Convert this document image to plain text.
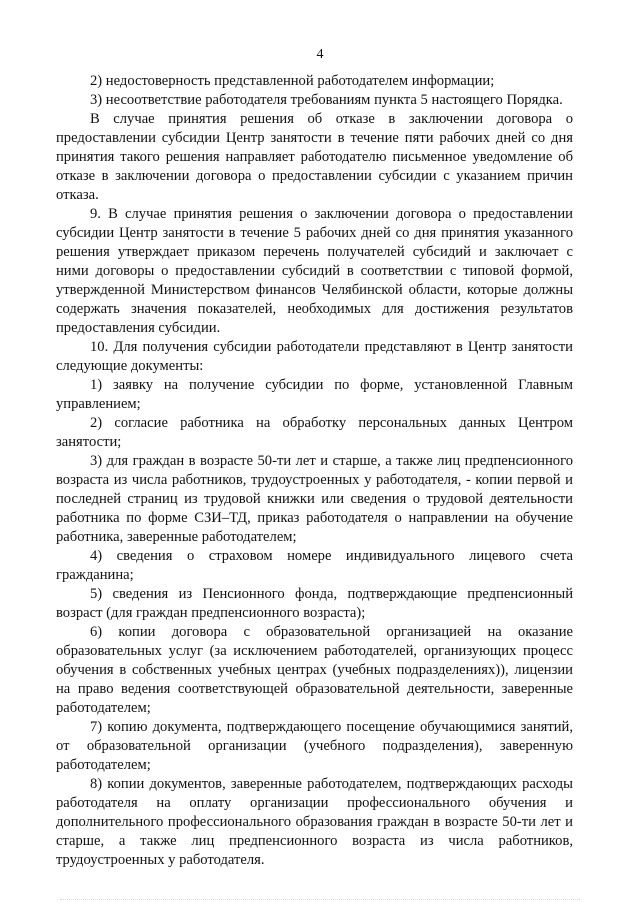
4

2) недостоверность представленной работодателем информации;

3) несоответствие работодателя требованиям пункта 5 настоящего Порядка.

В случае принятия решения об отказе в заключении договора о предоставлении субсидии Центр занятости в течение пяти рабочих дней со дня принятия такого решения направляет работодателю письменное уведомление об отказе в заключении договора о предоставлении субсидии с указанием причин отказа.

9. В случае принятия решения о заключении договора о предоставлении субсидии Центр занятости в течение 5 рабочих дней со дня принятия указанного решения утверждает приказом перечень получателей субсидий и заключает с ними договоры о предоставлении субсидий в соответствии с типовой формой, утвержденной Министерством финансов Челябинской области, которые должны содержать значения показателей, необходимых для достижения результатов предоставления субсидии.

10. Для получения субсидии работодатели представляют в Центр занятости следующие документы:

1) заявку на получение субсидии по форме, установленной Главным управлением;

2) согласие работника на обработку персональных данных Центром занятости;

3) для граждан в возрасте 50-ти лет и старше, а также лиц предпенсионного возраста из числа работников, трудоустроенных у работодателя, - копии первой и последней страниц из трудовой книжки или сведения о трудовой деятельности работника по форме СЗИ–ТД, приказ работодателя о направлении на обучение работника, заверенные работодателем;

4) сведения о страховом номере индивидуального лицевого счета гражданина;

5) сведения из Пенсионного фонда, подтверждающие предпенсионный возраст (для граждан предпенсионного возраста);

6) копии договора с образовательной организацией на оказание образовательных услуг (за исключением работодателей, организующих процесс обучения в собственных учебных центрах (учебных подразделениях)), лицензии на право ведения соответствующей образовательной деятельности, заверенные работодателем;

7) копию документа, подтверждающего посещение обучающимися занятий, от образовательной организации (учебного подразделения), заверенную работодателем;

8) копии документов, заверенные работодателем, подтверждающих расходы работодателя на оплату организации профессионального обучения и дополнительного профессионального образования граждан в возрасте 50-ти лет и старше, а также лиц предпенсионного возраста из числа работников, трудоустроенных у работодателя.
